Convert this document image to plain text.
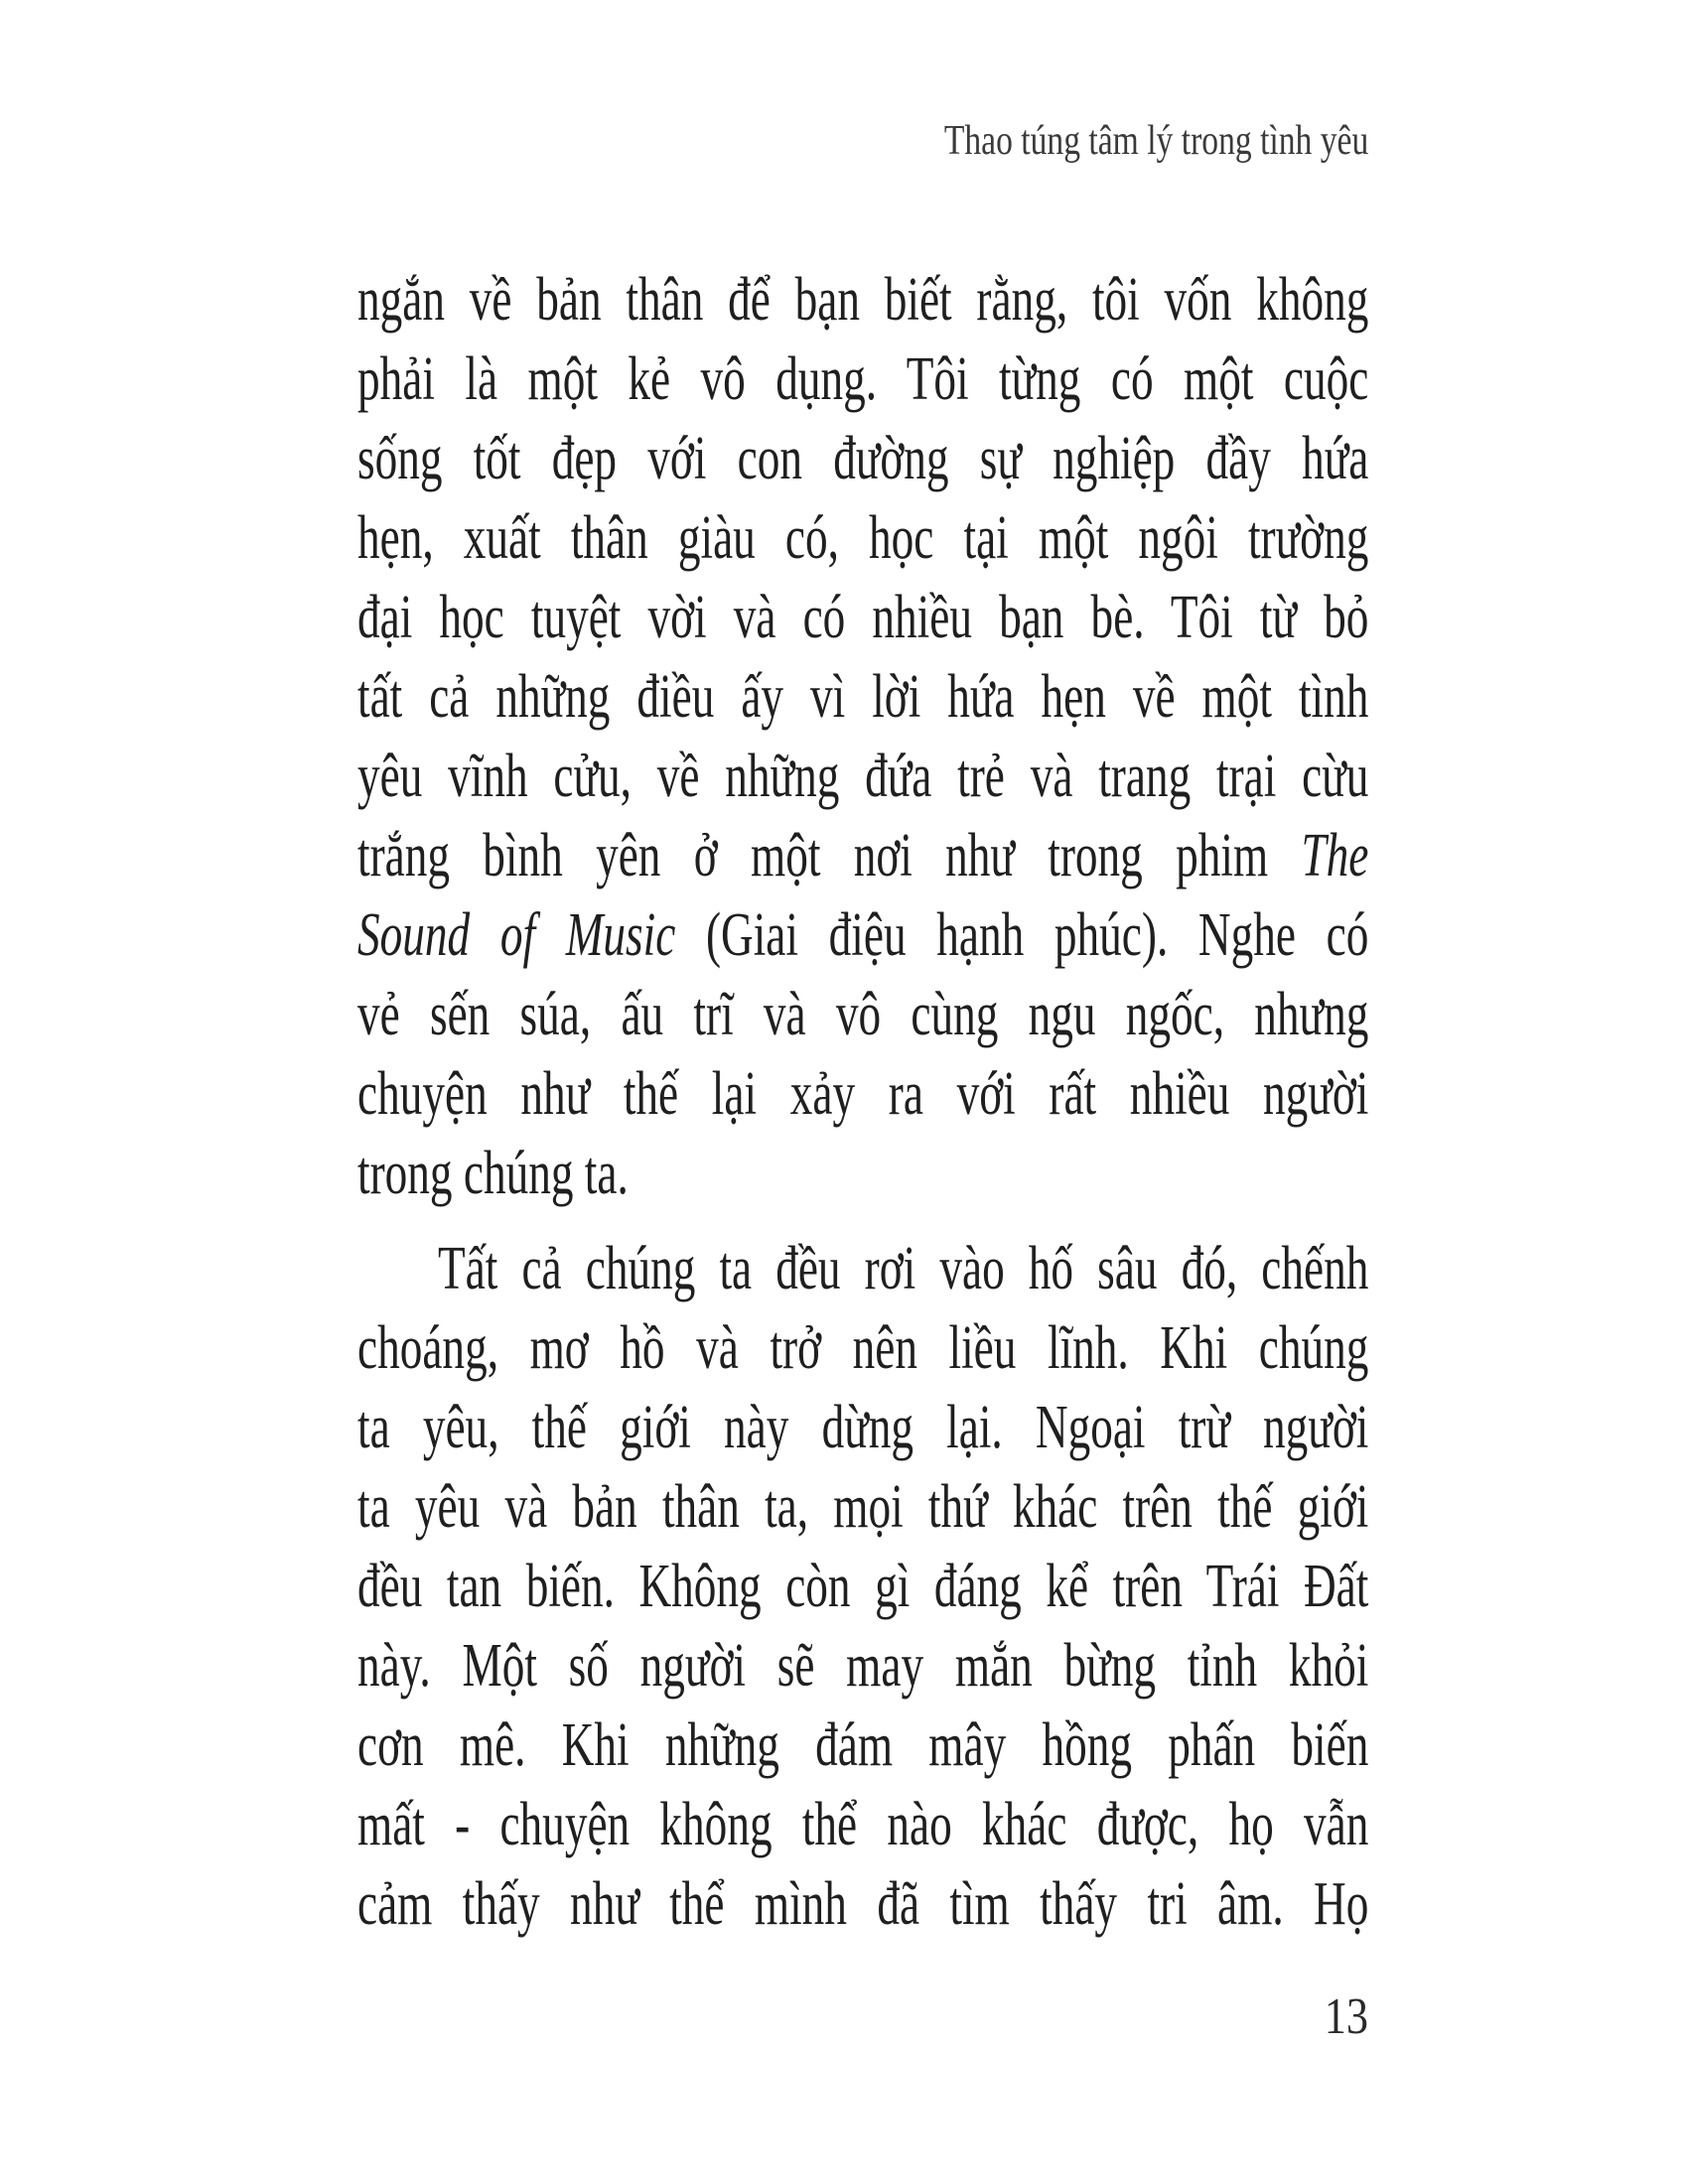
Thao túng tâm lý trong tình yêu
ngắn về bản thân để bạn biết rằng, tôi vốn không
phải là một kẻ vô dụng. Tôi từng có một cuộc
sống tốt đẹp với con đường sự nghiệp đầy hứa
hẹn, xuất thân giàu có, học tại một ngôi trường
đại học tuyệt vời và có nhiều bạn bè. Tôi từ bỏ
tất cả những điều ấy vì lời hứa hẹn về một tình
yêu vĩnh cửu, về những đứa trẻ và trang trại cừu
trắng bình yên ở một nơi như trong phim The
Sound of Music (Giai điệu hạnh phúc). Nghe có
vẻ sến súa, ấu trĩ và vô cùng ngu ngốc, nhưng
chuyện như thế lại xảy ra với rất nhiều người
trong chúng ta.
Tất cả chúng ta đều rơi vào hố sâu đó, chếnh
choáng, mơ hồ và trở nên liều lĩnh. Khi chúng
ta yêu, thế giới này dừng lại. Ngoại trừ người
ta yêu và bản thân ta, mọi thứ khác trên thế giới
đều tan biến. Không còn gì đáng kể trên Trái Đất
này. Một số người sẽ may mắn bừng tỉnh khỏi
cơn mê. Khi những đám mây hồng phấn biến
mất - chuyện không thể nào khác được, họ vẫn
cảm thấy như thể mình đã tìm thấy tri âm. Họ
13
